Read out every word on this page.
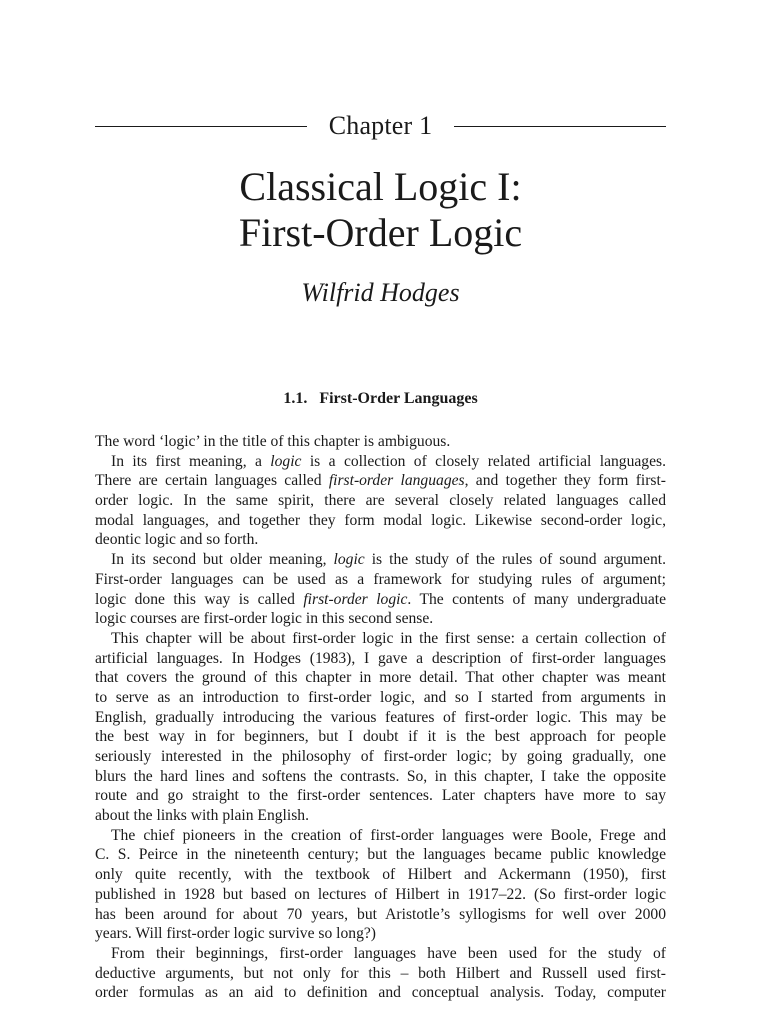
Chapter 1
Classical Logic I:
First-Order Logic
Wilfrid Hodges
1.1.   First-Order Languages
The word ‘logic’ in the title of this chapter is ambiguous.
In its first meaning, a logic is a collection of closely related artificial languages.
There are certain languages called first-order languages, and together they form first-
order logic. In the same spirit, there are several closely related languages called
modal languages, and together they form modal logic. Likewise second-order logic,
deontic logic and so forth.
In its second but older meaning, logic is the study of the rules of sound argument.
First-order languages can be used as a framework for studying rules of argument;
logic done this way is called first-order logic. The contents of many undergraduate
logic courses are first-order logic in this second sense.
This chapter will be about first-order logic in the first sense: a certain collection of
artificial languages. In Hodges (1983), I gave a description of first-order languages
that covers the ground of this chapter in more detail. That other chapter was meant
to serve as an introduction to first-order logic, and so I started from arguments in
English, gradually introducing the various features of first-order logic. This may be
the best way in for beginners, but I doubt if it is the best approach for people
seriously interested in the philosophy of first-order logic; by going gradually, one
blurs the hard lines and softens the contrasts. So, in this chapter, I take the opposite
route and go straight to the first-order sentences. Later chapters have more to say
about the links with plain English.
The chief pioneers in the creation of first-order languages were Boole, Frege and
C. S. Peirce in the nineteenth century; but the languages became public knowledge
only quite recently, with the textbook of Hilbert and Ackermann (1950), first
published in 1928 but based on lectures of Hilbert in 1917–22. (So first-order logic
has been around for about 70 years, but Aristotle’s syllogisms for well over 2000
years. Will first-order logic survive so long?)
From their beginnings, first-order languages have been used for the study of
deductive arguments, but not only for this – both Hilbert and Russell used first-
order formulas as an aid to definition and conceptual analysis. Today, computer
